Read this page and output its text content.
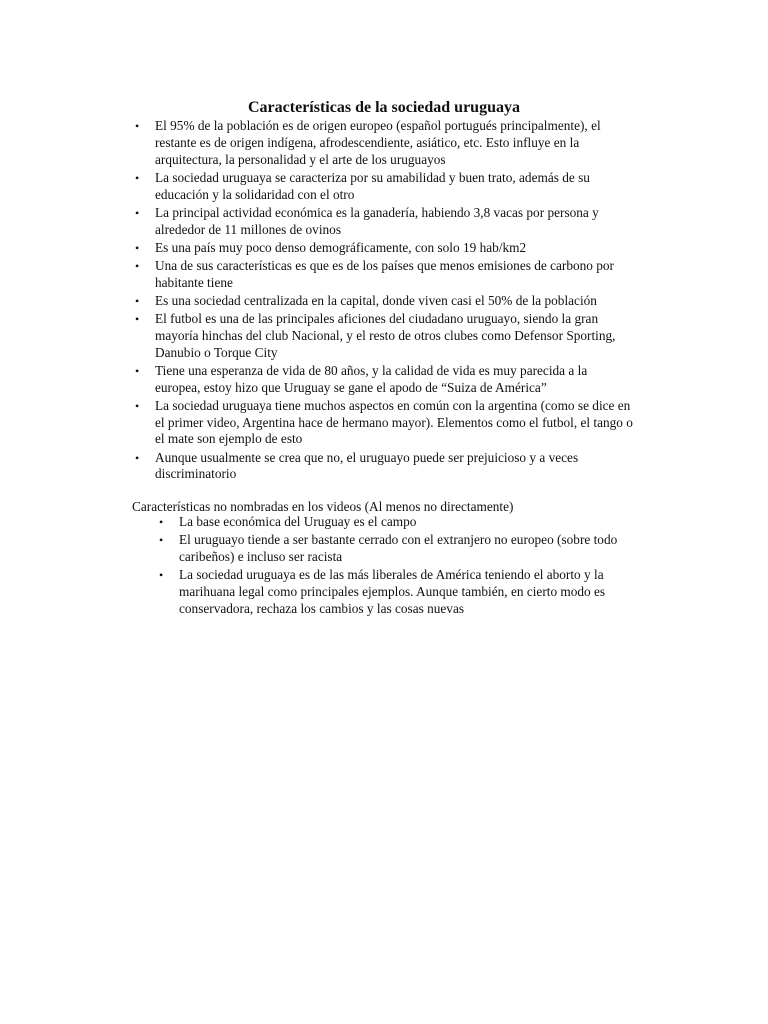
Características de la sociedad uruguaya
• El 95% de la población es de origen europeo (español portugués principalmente), el restante es de origen indígena, afrodescendiente, asiático, etc. Esto influye en la arquitectura, la personalidad y el arte de los uruguayos
• La sociedad uruguaya se caracteriza por su amabilidad y buen trato, además de su educación y la solidaridad con el otro
• La principal actividad económica es la ganadería, habiendo 3,8 vacas por persona y alrededor de 11 millones de ovinos
• Es una país muy poco denso demográficamente, con solo 19 hab/km2
• Una de sus características es que es de los países que menos emisiones de carbono por habitante tiene
• Es una sociedad centralizada en la capital, donde viven casi el 50% de la población
• El futbol es una de las principales aficiones del ciudadano uruguayo, siendo la gran mayoría hinchas del club Nacional, y el resto de otros clubes como Defensor Sporting, Danubio o Torque City
• Tiene una esperanza de vida de 80 años, y la calidad de vida es muy parecida a la europea, estoy hizo que Uruguay se gane el apodo de “Suiza de América”
• La sociedad uruguaya tiene muchos aspectos en común con la argentina (como se dice en el primer video, Argentina hace de hermano mayor). Elementos como el futbol, el tango o el mate son ejemplo de esto
• Aunque usualmente se crea que no, el uruguayo puede ser prejuicioso y a veces discriminatorio

Características no nombradas en los videos (Al menos no directamente)

• La base económica del Uruguay es el campo
• El uruguayo tiende a ser bastante cerrado con el extranjero no europeo (sobre todo caribeños) e incluso ser racista
• La sociedad uruguaya es de las más liberales de América teniendo el aborto y la marihuana legal como principales ejemplos. Aunque también, en cierto modo es conservadora, rechaza los cambios y las cosas nuevas
